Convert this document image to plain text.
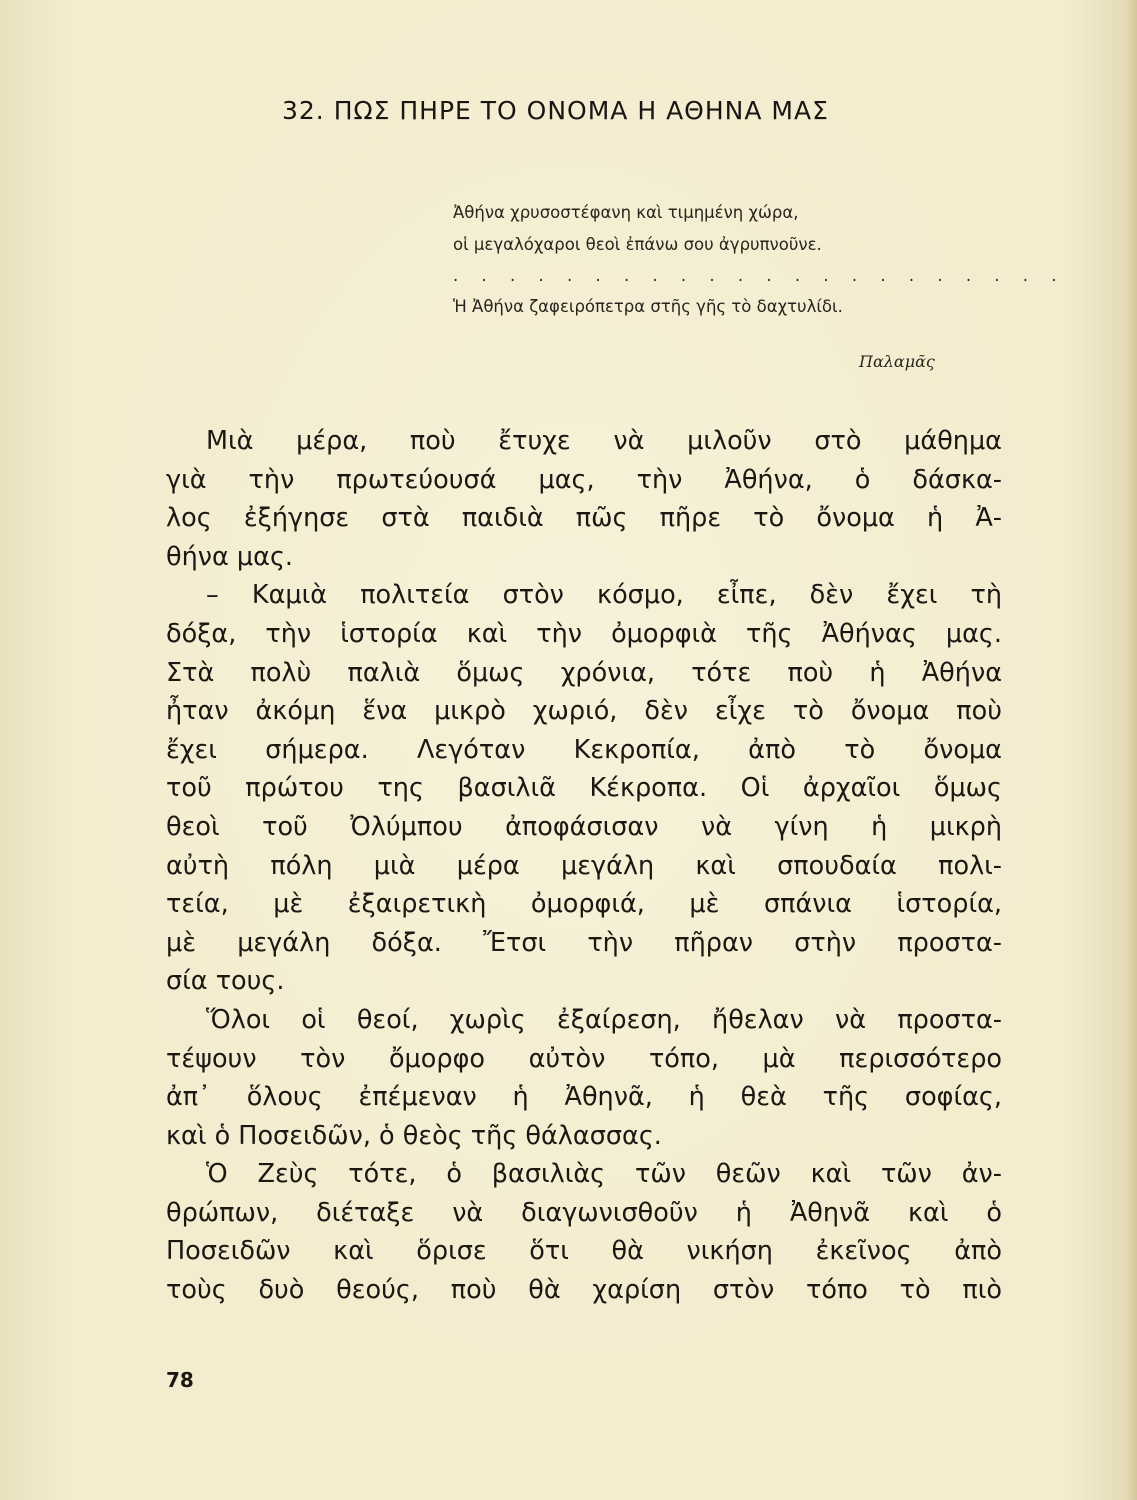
32. ΠΩΣ ΠΗΡΕ ΤΟ ΟΝΟΜΑ Η ΑΘΗΝΑ ΜΑΣ
Ἀθήνα χρυσοστέφανη καὶ τιμημένη χώρα,
οἱ μεγαλόχαροι θεοὶ ἐπάνω σου ἀγρυπνοῦνε.
. . . . . . . . . . . . . . . . . . . . . .
Ἡ Ἀθήνα ζαφειρόπετρα στῆς γῆς τὸ δαχτυλίδι.
Παλαμᾶς
Μιὰ μέρα, ποὺ ἔτυχε νὰ μιλοῦν στὸ μάθημα
γιὰ τὴν πρωτεύουσά μας, τὴν Ἀθήνα, ὁ δάσκα-
λος ἐξήγησε στὰ παιδιὰ πῶς πῆρε τὸ ὄνομα ἡ Ἀ-
θήνα μας.
– Καμιὰ πολιτεία στὸν κόσμο, εἶπε, δὲν ἔχει τὴ
δόξα, τὴν ἱστορία καὶ τὴν ὀμορφιὰ τῆς Ἀθήνας μας.
Στὰ πολὺ παλιὰ ὅμως χρόνια, τότε ποὺ ἡ Ἀθήνα
ἦταν ἀκόμη ἕνα μικρὸ χωριό, δὲν εἶχε τὸ ὄνομα ποὺ
ἔχει σήμερα. Λεγόταν Κεκροπία, ἀπὸ τὸ ὄνομα
τοῦ πρώτου της βασιλιᾶ Κέκροπα. Οἱ ἀρχαῖοι ὅμως
θεοὶ τοῦ Ὀλύμπου ἀποφάσισαν νὰ γίνη ἡ μικρὴ
αὐτὴ πόλη μιὰ μέρα μεγάλη καὶ σπουδαία πολι-
τεία, μὲ ἐξαιρετικὴ ὀμορφιά, μὲ σπάνια ἱστορία,
μὲ μεγάλη δόξα. Ἔτσι τὴν πῆραν στὴν προστα-
σία τους.
Ὅλοι οἱ θεοί, χωρὶς ἐξαίρεση, ἤθελαν νὰ προστα-
τέψουν τὸν ὄμορφο αὐτὸν τόπο, μὰ περισσότερο
ἀπ᾽ ὅλους ἐπέμεναν ἡ Ἀθηνᾶ, ἡ θεὰ τῆς σοφίας,
καὶ ὁ Ποσειδῶν, ὁ θεὸς τῆς θάλασσας.
Ὁ Ζεὺς τότε, ὁ βασιλιὰς τῶν θεῶν καὶ τῶν ἀν-
θρώπων, διέταξε νὰ διαγωνισθοῦν ἡ Ἀθηνᾶ καὶ ὁ
Ποσειδῶν καὶ ὅρισε ὅτι θὰ νικήση ἐκεῖνος ἀπὸ
τοὺς δυὸ θεούς, ποὺ θὰ χαρίση στὸν τόπο τὸ πιὸ
78
